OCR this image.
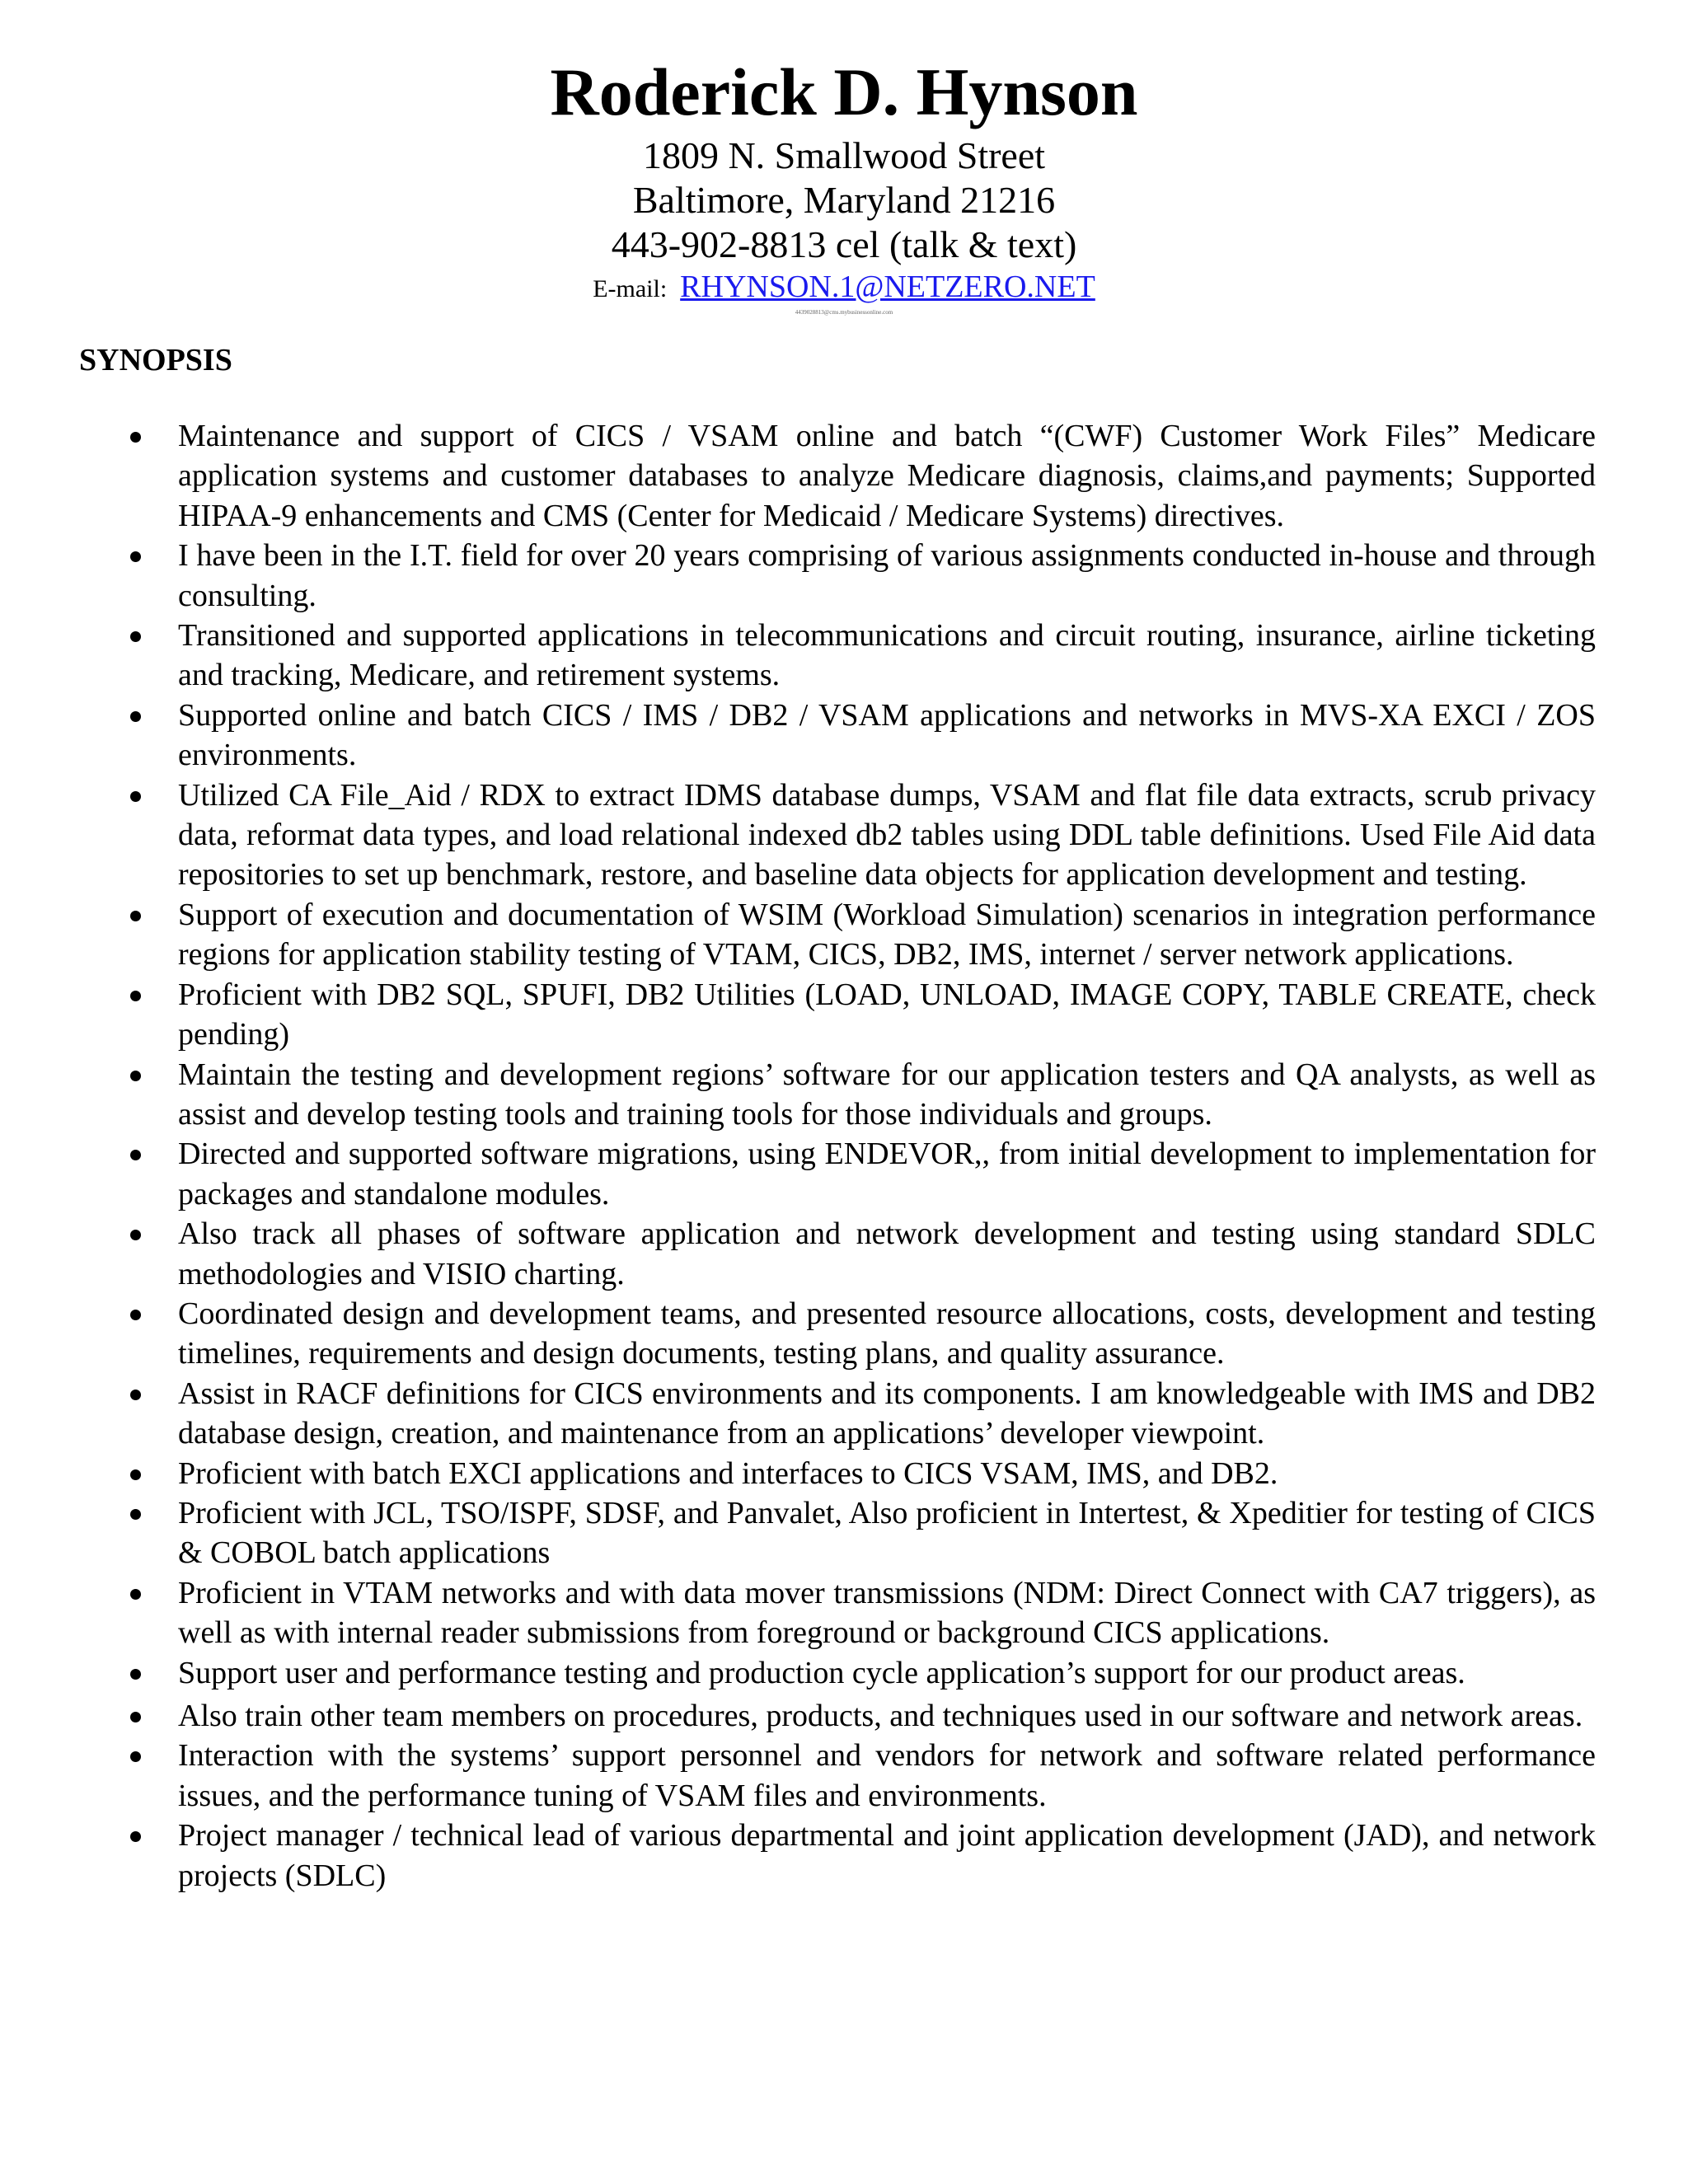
Roderick D. Hynson
1809 N. Smallwood Street
Baltimore, Maryland 21216
443-902-8813 cel (talk & text)
E-mail: RHYNSON.1@NETZERO.NET
4439028813@cms.mybusinessonline.com
SYNOPSIS
Maintenance and support of CICS / VSAM online and batch “(CWF) Customer Work Files” Medicare application systems and customer databases to analyze Medicare diagnosis, claims,and payments; Supported HIPAA-9 enhancements and CMS (Center for Medicaid / Medicare Systems) directives.
I have been in the I.T. field for over 20 years comprising of various assignments conducted in-house and through consulting.
Transitioned and supported applications in telecommunications and circuit routing, insurance, airline ticketing and tracking, Medicare, and retirement systems.
Supported online and batch CICS / IMS / DB2 / VSAM applications and networks in MVS-XA EXCI / ZOS environments.
Utilized CA File_Aid / RDX to extract IDMS database dumps, VSAM and flat file data extracts, scrub privacy data, reformat data types, and load relational indexed db2 tables using DDL table definitions. Used File Aid data repositories to set up benchmark, restore, and baseline data objects for application development and testing.
Support of execution and documentation of WSIM (Workload Simulation) scenarios in integration performance regions for application stability testing of VTAM, CICS, DB2, IMS, internet / server network applications.
Proficient with DB2 SQL, SPUFI, DB2 Utilities (LOAD, UNLOAD, IMAGE COPY, TABLE CREATE, check pending)
Maintain the testing and development regions’ software for our application testers and QA analysts, as well as assist and develop testing tools and training tools for those individuals and groups.
Directed and supported software migrations, using ENDEVOR,, from initial development to implementation for packages and standalone modules.
Also track all phases of software application and network development and testing using standard SDLC methodologies and VISIO charting.
Coordinated design and development teams, and presented resource allocations, costs, development and testing timelines, requirements and design documents, testing plans, and quality assurance.
Assist in RACF definitions for CICS environments and its components. I am knowledgeable with IMS and DB2 database design, creation, and maintenance from an applications’ developer viewpoint.
Proficient with batch EXCI applications and interfaces to CICS VSAM, IMS, and DB2.
Proficient with JCL, TSO/ISPF, SDSF, and Panvalet, Also proficient in Intertest, & Xpeditier for testing of CICS & COBOL batch applications
Proficient in VTAM networks and with data mover transmissions (NDM: Direct Connect with CA7 triggers), as well as with internal reader submissions from foreground or background CICS applications.
Support user and performance testing and production cycle application’s support for our product areas.
Also train other team members on procedures, products, and techniques used in our software and network areas.
Interaction with the systems’ support personnel and vendors for network and software related performance issues, and the performance tuning of VSAM files and environments.
Project manager / technical lead of various departmental and joint application development (JAD), and network projects (SDLC)
